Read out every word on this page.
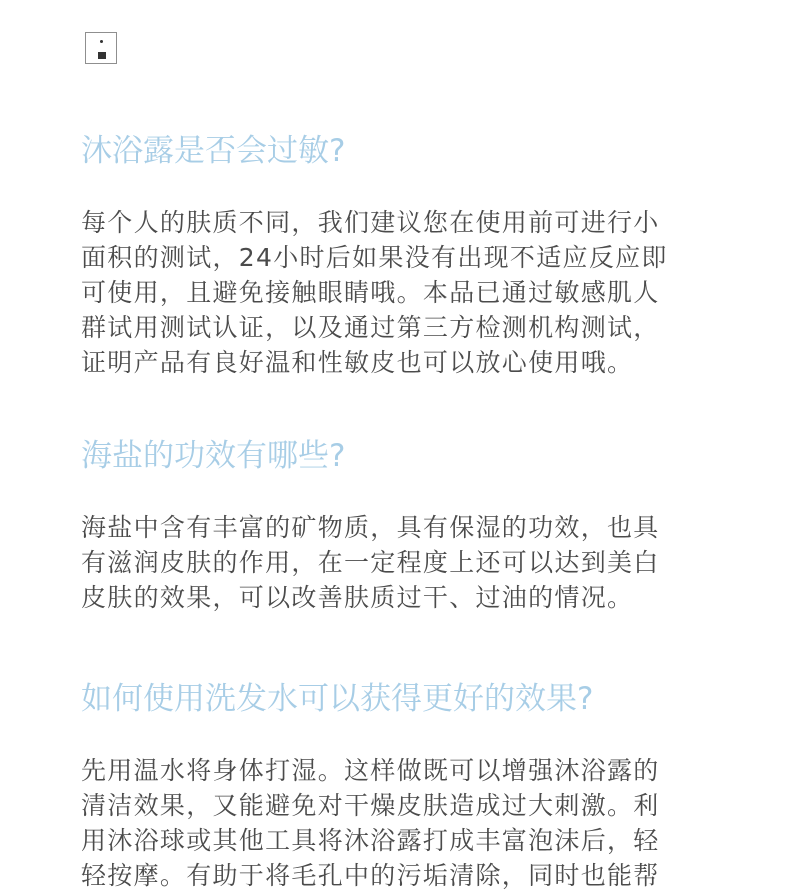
沐浴露是否会过敏?
每个人的肤质不同，我们建议您在使用前可进行小
面积的测试，24小时后如果没有出现不适应反应即
可使用，且避免接触眼睛哦。本品已通过敏感肌人
群试用测试认证，以及通过第三方检测机构测试，
证明产品有良好温和性敏皮也可以放心使用哦。
海盐的功效有哪些?
海盐中含有丰富的矿物质，具有保湿的功效，也具
有滋润皮肤的作用，在一定程度上还可以达到美白
皮肤的效果，可以改善肤质过干、过油的情况。
如何使用洗发水可以获得更好的效果?
先用温水将身体打湿。这样做既可以增强沐浴露的
清洁效果，又能避免对干燥皮肤造成过大刺激。利
用沐浴球或其他工具将沐浴露打成丰富泡沫后，轻
轻按摩。有助于将毛孔中的污垢清除，同时也能帮
